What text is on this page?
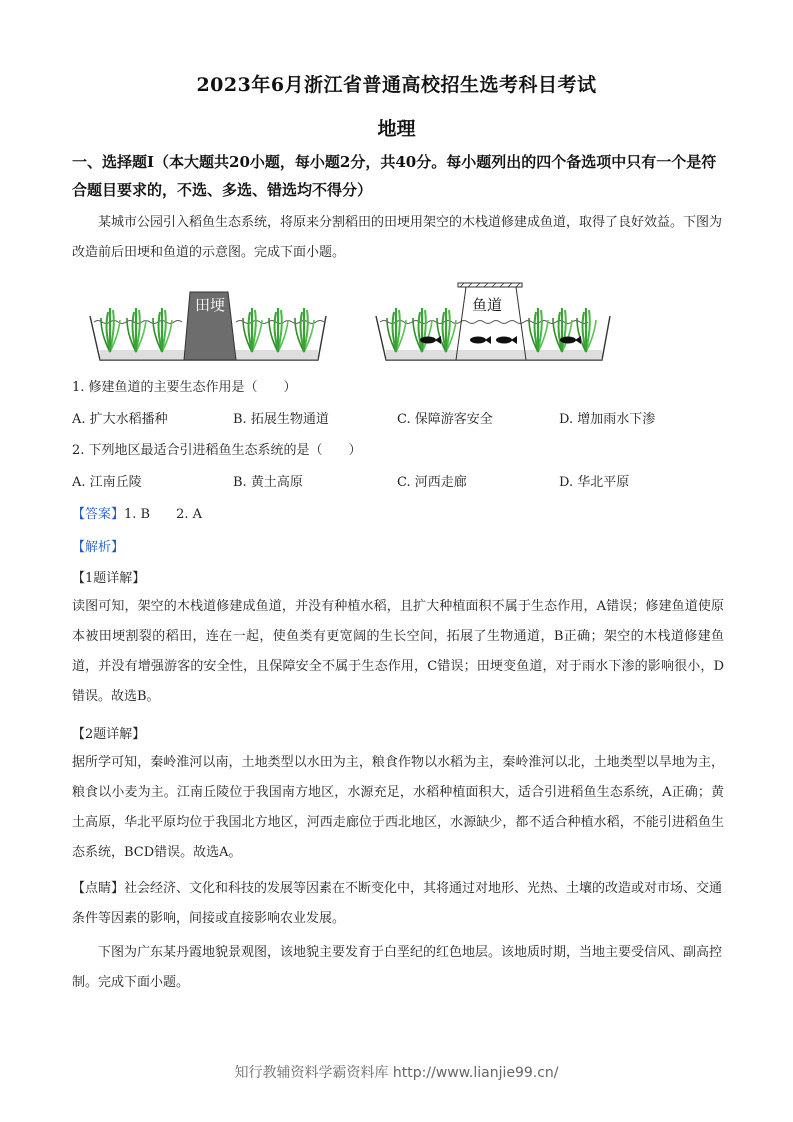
2023年6月浙江省普通高校招生选考科目考试
地理
一、选择题Ⅰ（本大题共20小题，每小题2分，共40分。每小题列出的四个备选项中只有一个是符合题目要求的，不选、多选、错选均不得分）
某城市公园引入稻鱼生态系统，将原来分割稻田的田埂用架空的木栈道修建成鱼道，取得了良好效益。下图为改造前后田埂和鱼道的示意图。完成下面小题。
田埂	鱼道
1. 修建鱼道的主要生态作用是（　　）
A. 扩大水稻播种	B. 拓展生物通道	C. 保障游客安全	D. 增加雨水下渗
2. 下列地区最适合引进稻鱼生态系统的是（　　）
A. 江南丘陵	B. 黄土高原	C. 河西走廊	D. 华北平原
【答案】1. B　　2. A
【解析】
【1题详解】
读图可知，架空的木栈道修建成鱼道，并没有种植水稻，且扩大种植面积不属于生态作用，A错误；修建鱼道使原本被田埂割裂的稻田，连在一起，使鱼类有更宽阔的生长空间，拓展了生物通道，B正确；架空的木栈道修建鱼道，并没有增强游客的安全性，且保障安全不属于生态作用，C错误；田埂变鱼道，对于雨水下渗的影响很小，D错误。故选B。
【2题详解】
据所学可知，秦岭淮河以南，土地类型以水田为主，粮食作物以水稻为主，秦岭淮河以北，土地类型以旱地为主，粮食以小麦为主。江南丘陵位于我国南方地区，水源充足，水稻种植面积大，适合引进稻鱼生态系统，A正确；黄土高原，华北平原均位于我国北方地区，河西走廊位于西北地区，水源缺少，都不适合种植水稻，不能引进稻鱼生态系统，BCD错误。故选A。
【点睛】社会经济、文化和科技的发展等因素在不断变化中，其将通过对地形、光热、土壤的改造或对市场、交通条件等因素的影响，间接或直接影响农业发展。
下图为广东某丹霞地貌景观图，该地貌主要发育于白垩纪的红色地层。该地质时期，当地主要受信风、副高控制。完成下面小题。
知行教辅资料学霸资料库 http://www.lianjie99.cn/
